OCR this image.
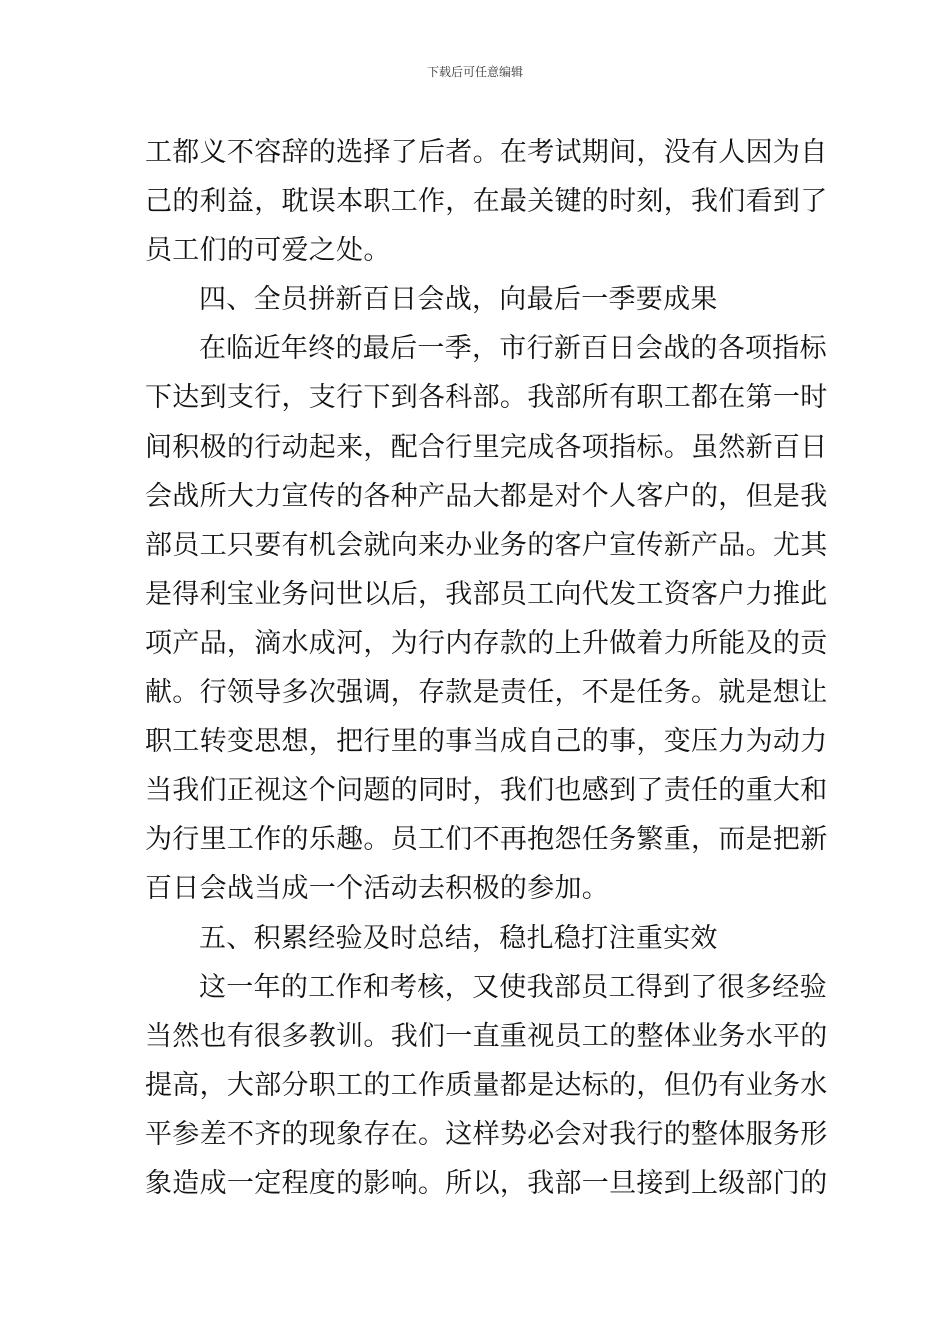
下载后可任意编辑
工都义不容辞的选择了后者。在考试期间，没有人因为自
己的利益，耽误本职工作，在最关键的时刻，我们看到了
员工们的可爱之处。
四、全员拼新百日会战，向最后一季要成果
在临近年终的最后一季，市行新百日会战的各项指标
下达到支行，支行下到各科部。我部所有职工都在第一时
间积极的行动起来，配合行里完成各项指标。虽然新百日
会战所大力宣传的各种产品大都是对个人客户的，但是我
部员工只要有机会就向来办业务的客户宣传新产品。尤其
是得利宝业务问世以后，我部员工向代发工资客户力推此
项产品，滴水成河，为行内存款的上升做着力所能及的贡
献。行领导多次强调，存款是责任，不是任务。就是想让
职工转变思想，把行里的事当成自己的事，变压力为动力
当我们正视这个问题的同时，我们也感到了责任的重大和
为行里工作的乐趣。员工们不再抱怨任务繁重，而是把新
百日会战当成一个活动去积极的参加。
五、积累经验及时总结，稳扎稳打注重实效
这一年的工作和考核，又使我部员工得到了很多经验
当然也有很多教训。我们一直重视员工的整体业务水平的
提高，大部分职工的工作质量都是达标的，但仍有业务水
平参差不齐的现象存在。这样势必会对我行的整体服务形
象造成一定程度的影响。所以，我部一旦接到上级部门的
